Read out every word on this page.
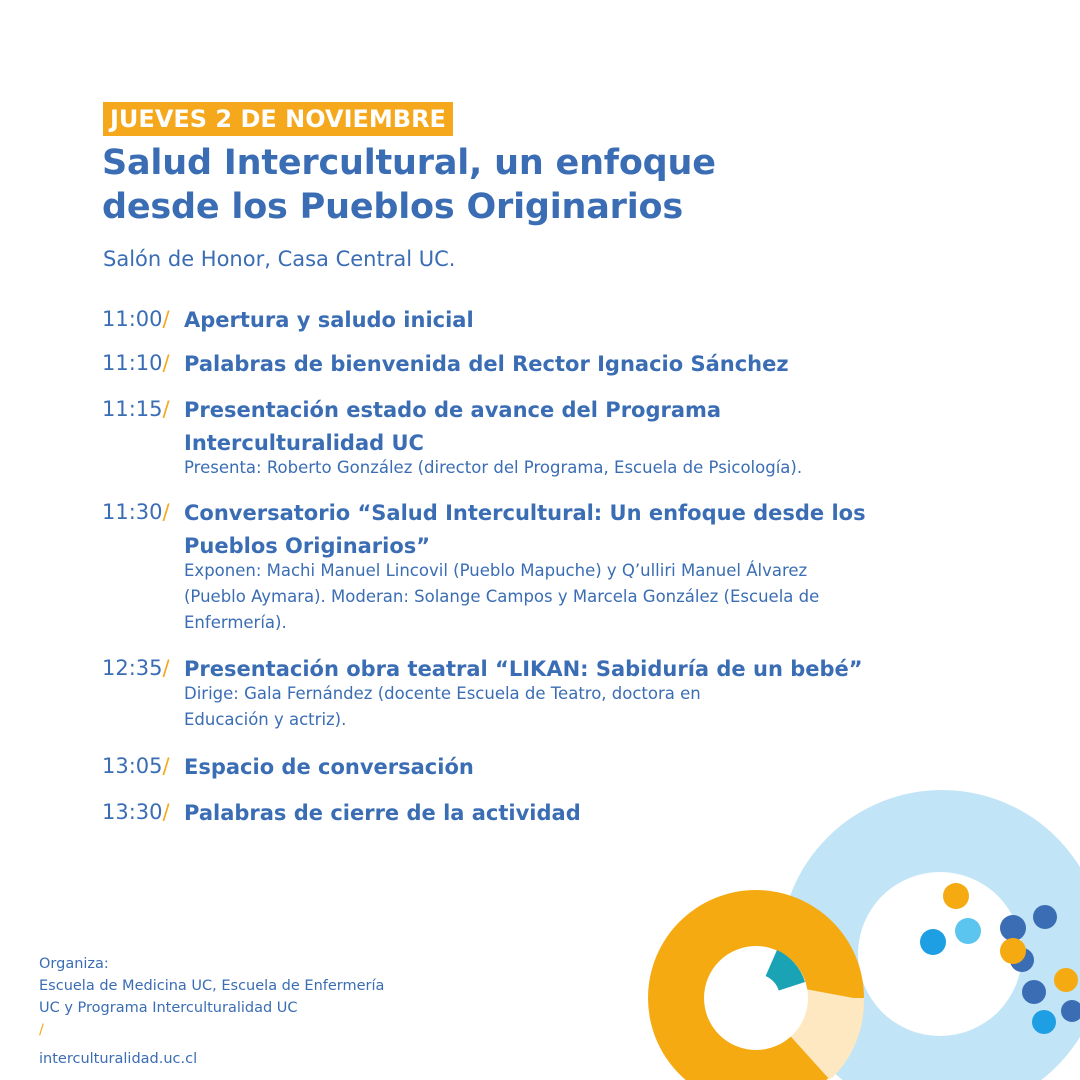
JUEVES 2 DE NOVIEMBRE
Salud Intercultural, un enfoque
desde los Pueblos Originarios
Salón de Honor, Casa Central UC.
11:00/ Apertura y saludo inicial
11:10/ Palabras de bienvenida del Rector Ignacio Sánchez
11:15/ Presentación estado de avance del Programa
Interculturalidad UC
Presenta: Roberto González (director del Programa, Escuela de Psicología).
11:30/ Conversatorio “Salud Intercultural: Un enfoque desde los
Pueblos Originarios”
Exponen: Machi Manuel Lincovil (Pueblo Mapuche) y Q’ulliri Manuel Álvarez
(Pueblo Aymara). Moderan: Solange Campos y Marcela González (Escuela de
Enfermería).
12:35/ Presentación obra teatral “LIKAN: Sabiduría de un bebé”
Dirige: Gala Fernández (docente Escuela de Teatro, doctora en
Educación y actriz).
13:05/ Espacio de conversación
13:30/ Palabras de cierre de la actividad
Organiza:
Escuela de Medicina UC, Escuela de Enfermería
UC y Programa Interculturalidad UC
/
interculturalidad.uc.cl
